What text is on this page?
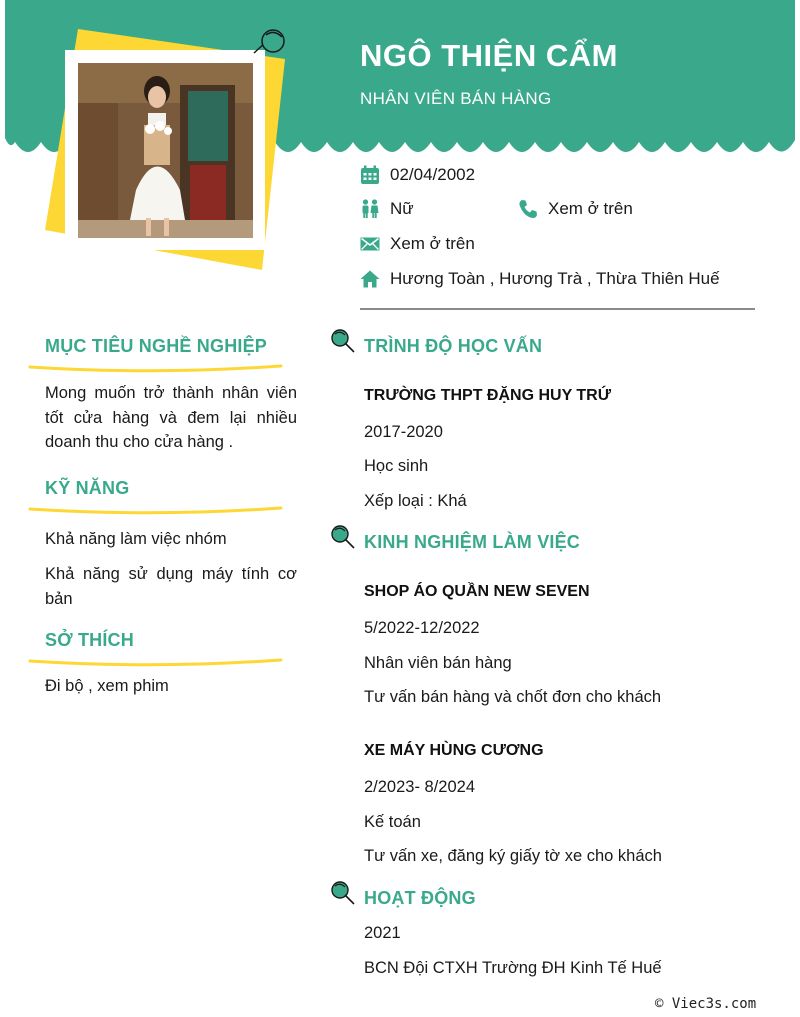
NGÔ THIỆN CẨM

NHÂN VIÊN BÁN HÀNG

02/04/2002
Nữ	Xem ở trên
Xem ở trên
Hương Toàn , Hương Trà , Thừa Thiên Huế
MỤC TIÊU NGHỀ NGHIỆP

Mong muốn trở thành nhân viên tốt cửa hàng và đem lại nhiều doanh thu cho cửa hàng .

KỸ NĂNG

Khả năng làm việc nhóm

Khả năng sử dụng máy tính cơ bản

SỞ THÍCH

Đi bộ , xem phim

TRÌNH ĐỘ HỌC VẤN

TRƯỜNG THPT ĐẶNG HUY TRỨ

2017-2020

Học sinh

Xếp loại : Khá

KINH NGHIỆM LÀM VIỆC

SHOP ÁO QUẦN NEW SEVEN

5/2022-12/2022

Nhân viên bán hàng

Tư vấn bán hàng và chốt đơn cho khách

XE MÁY HÙNG CƯƠNG

2/2023- 8/2024

Kế toán

Tư vấn xe, đăng ký giấy tờ xe cho khách

HOẠT ĐỘNG

2021

BCN Đội CTXH Trường ĐH Kinh Tế Huế

© Viec3s.com
